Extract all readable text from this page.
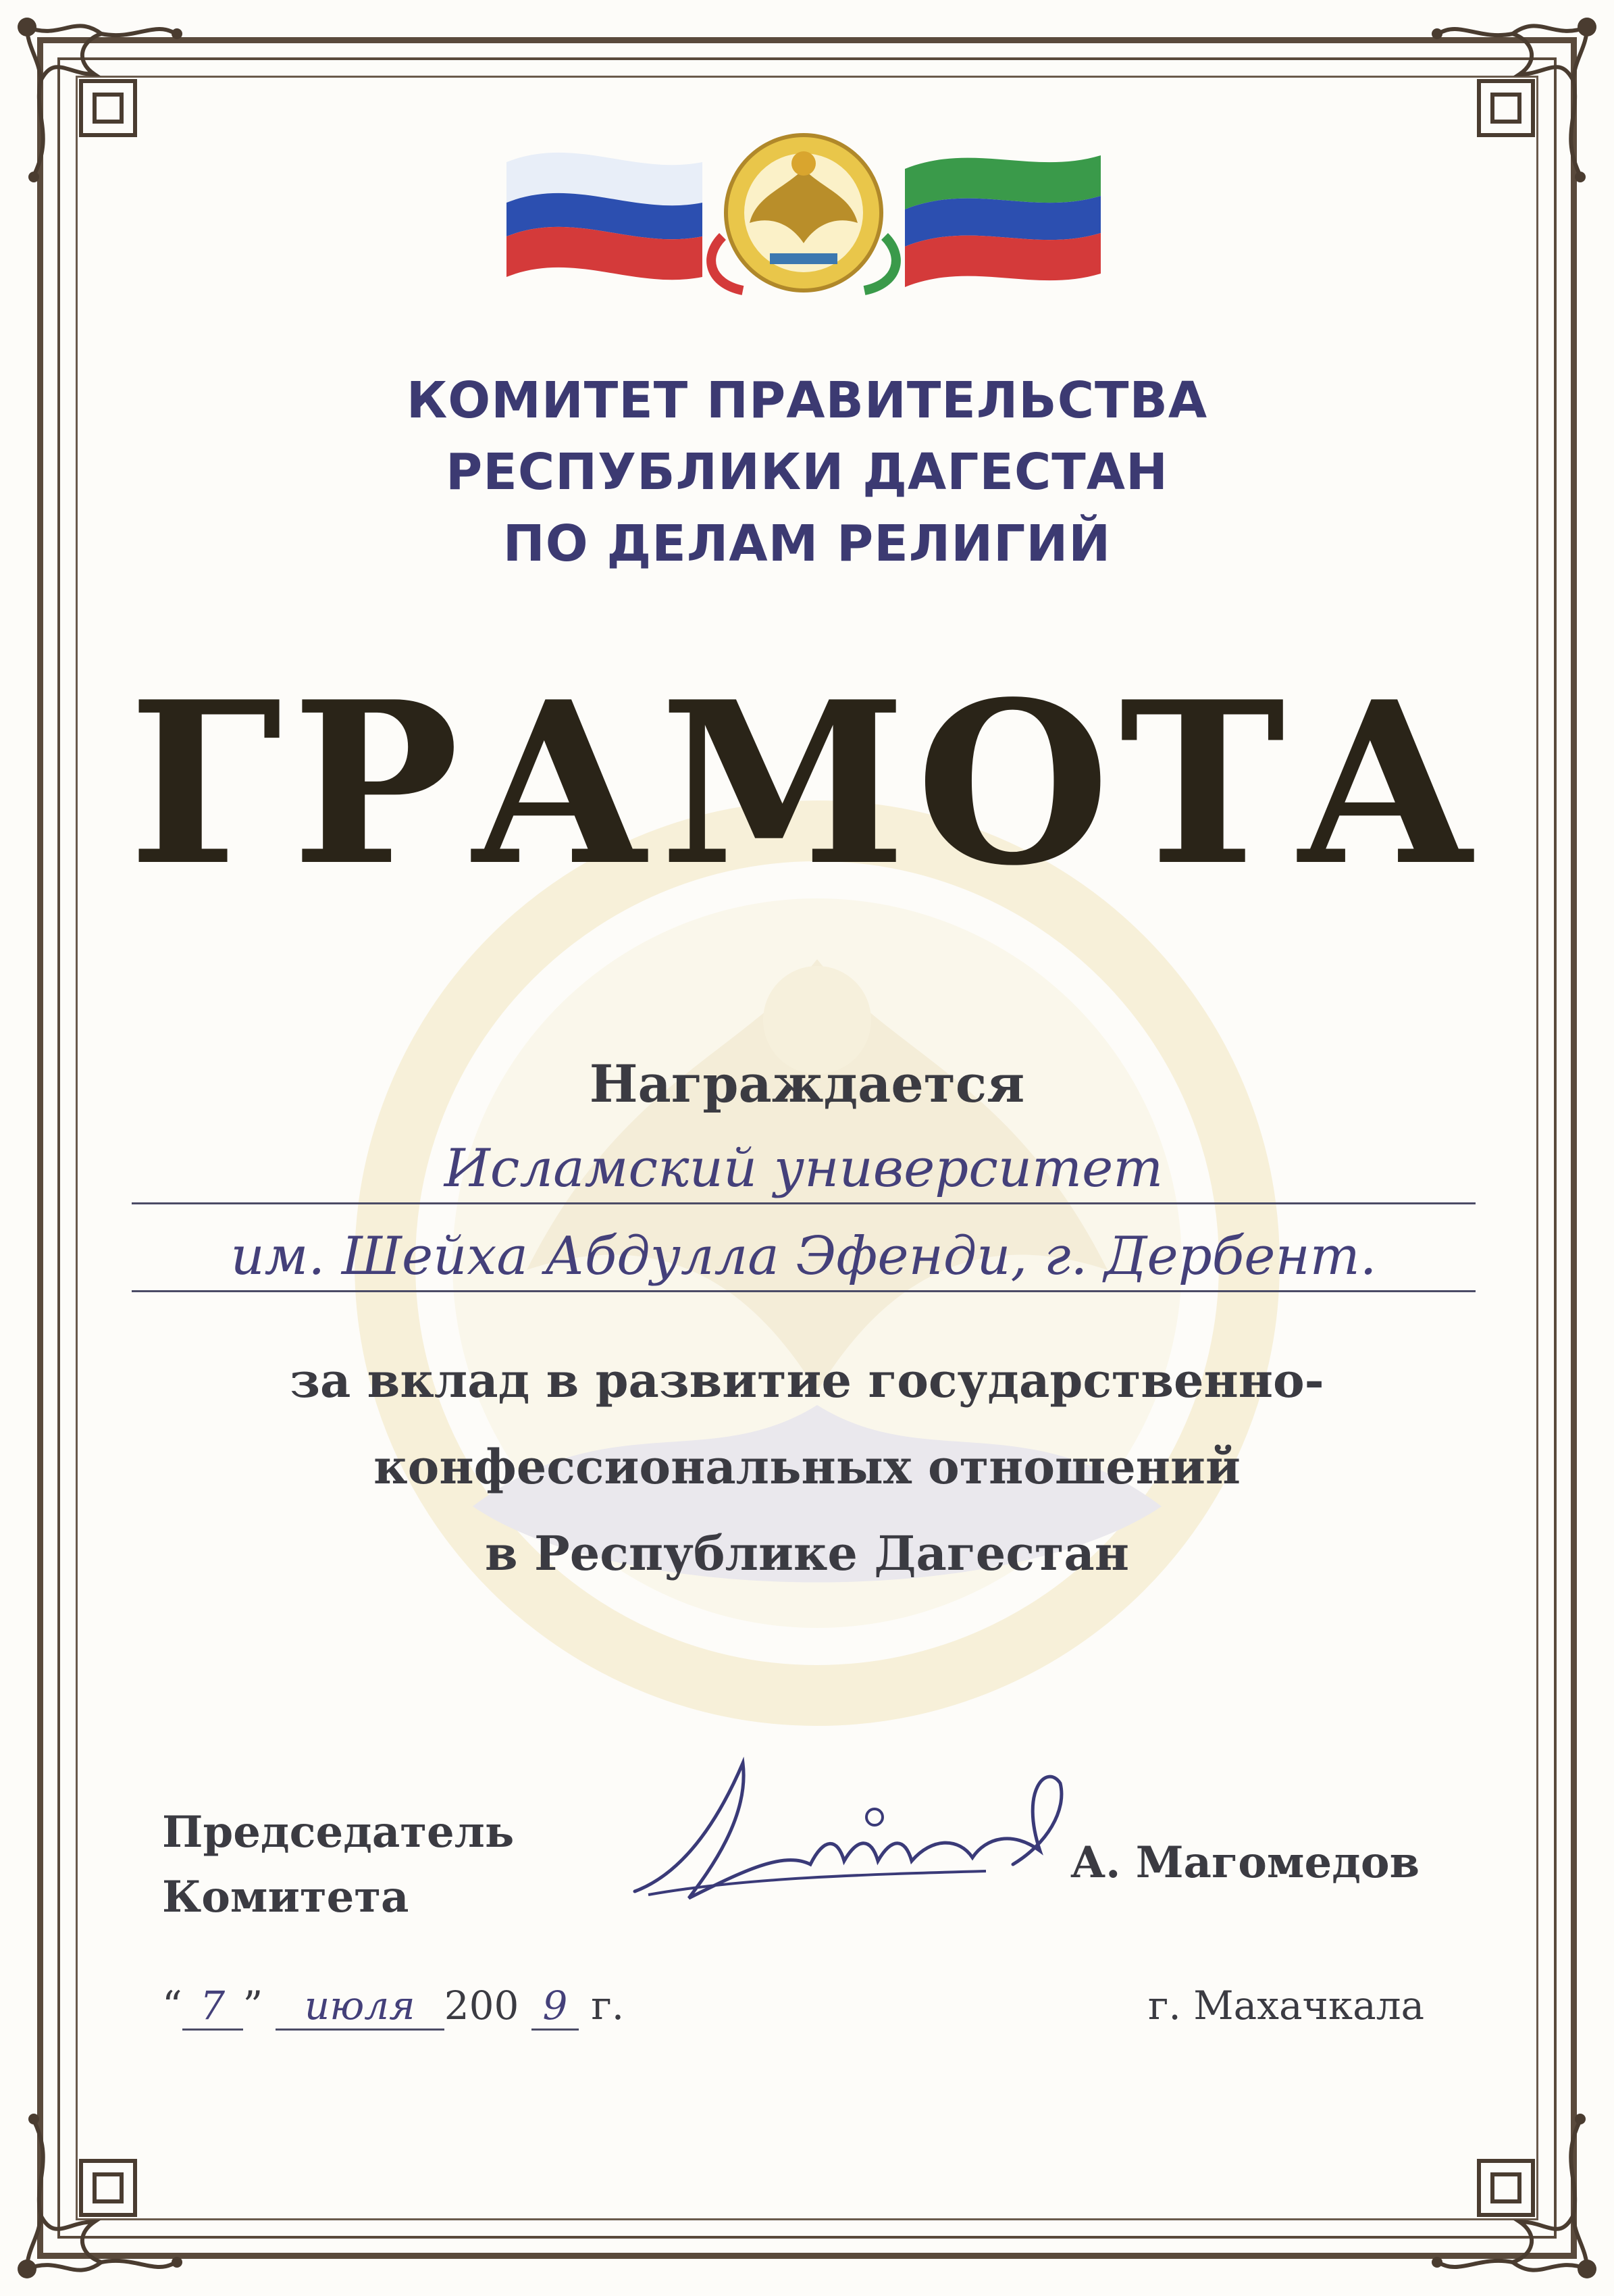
КОМИТЕТ ПРАВИТЕЛЬСТВА
РЕСПУБЛИКИ ДАГЕСТАН
ПО ДЕЛАМ РЕЛИГИЙ
ГРАМОТА
Награждается
Исламский университет
им. Шейха Абдулла Эфенди, г. Дербент.
за вклад в развитие государственно-
конфессиональных отношений
в Республике Дагестан
Председатель
Комитета
А. Магомедов
“ 7 ” июля 200 9 г.	г. Махачкала
